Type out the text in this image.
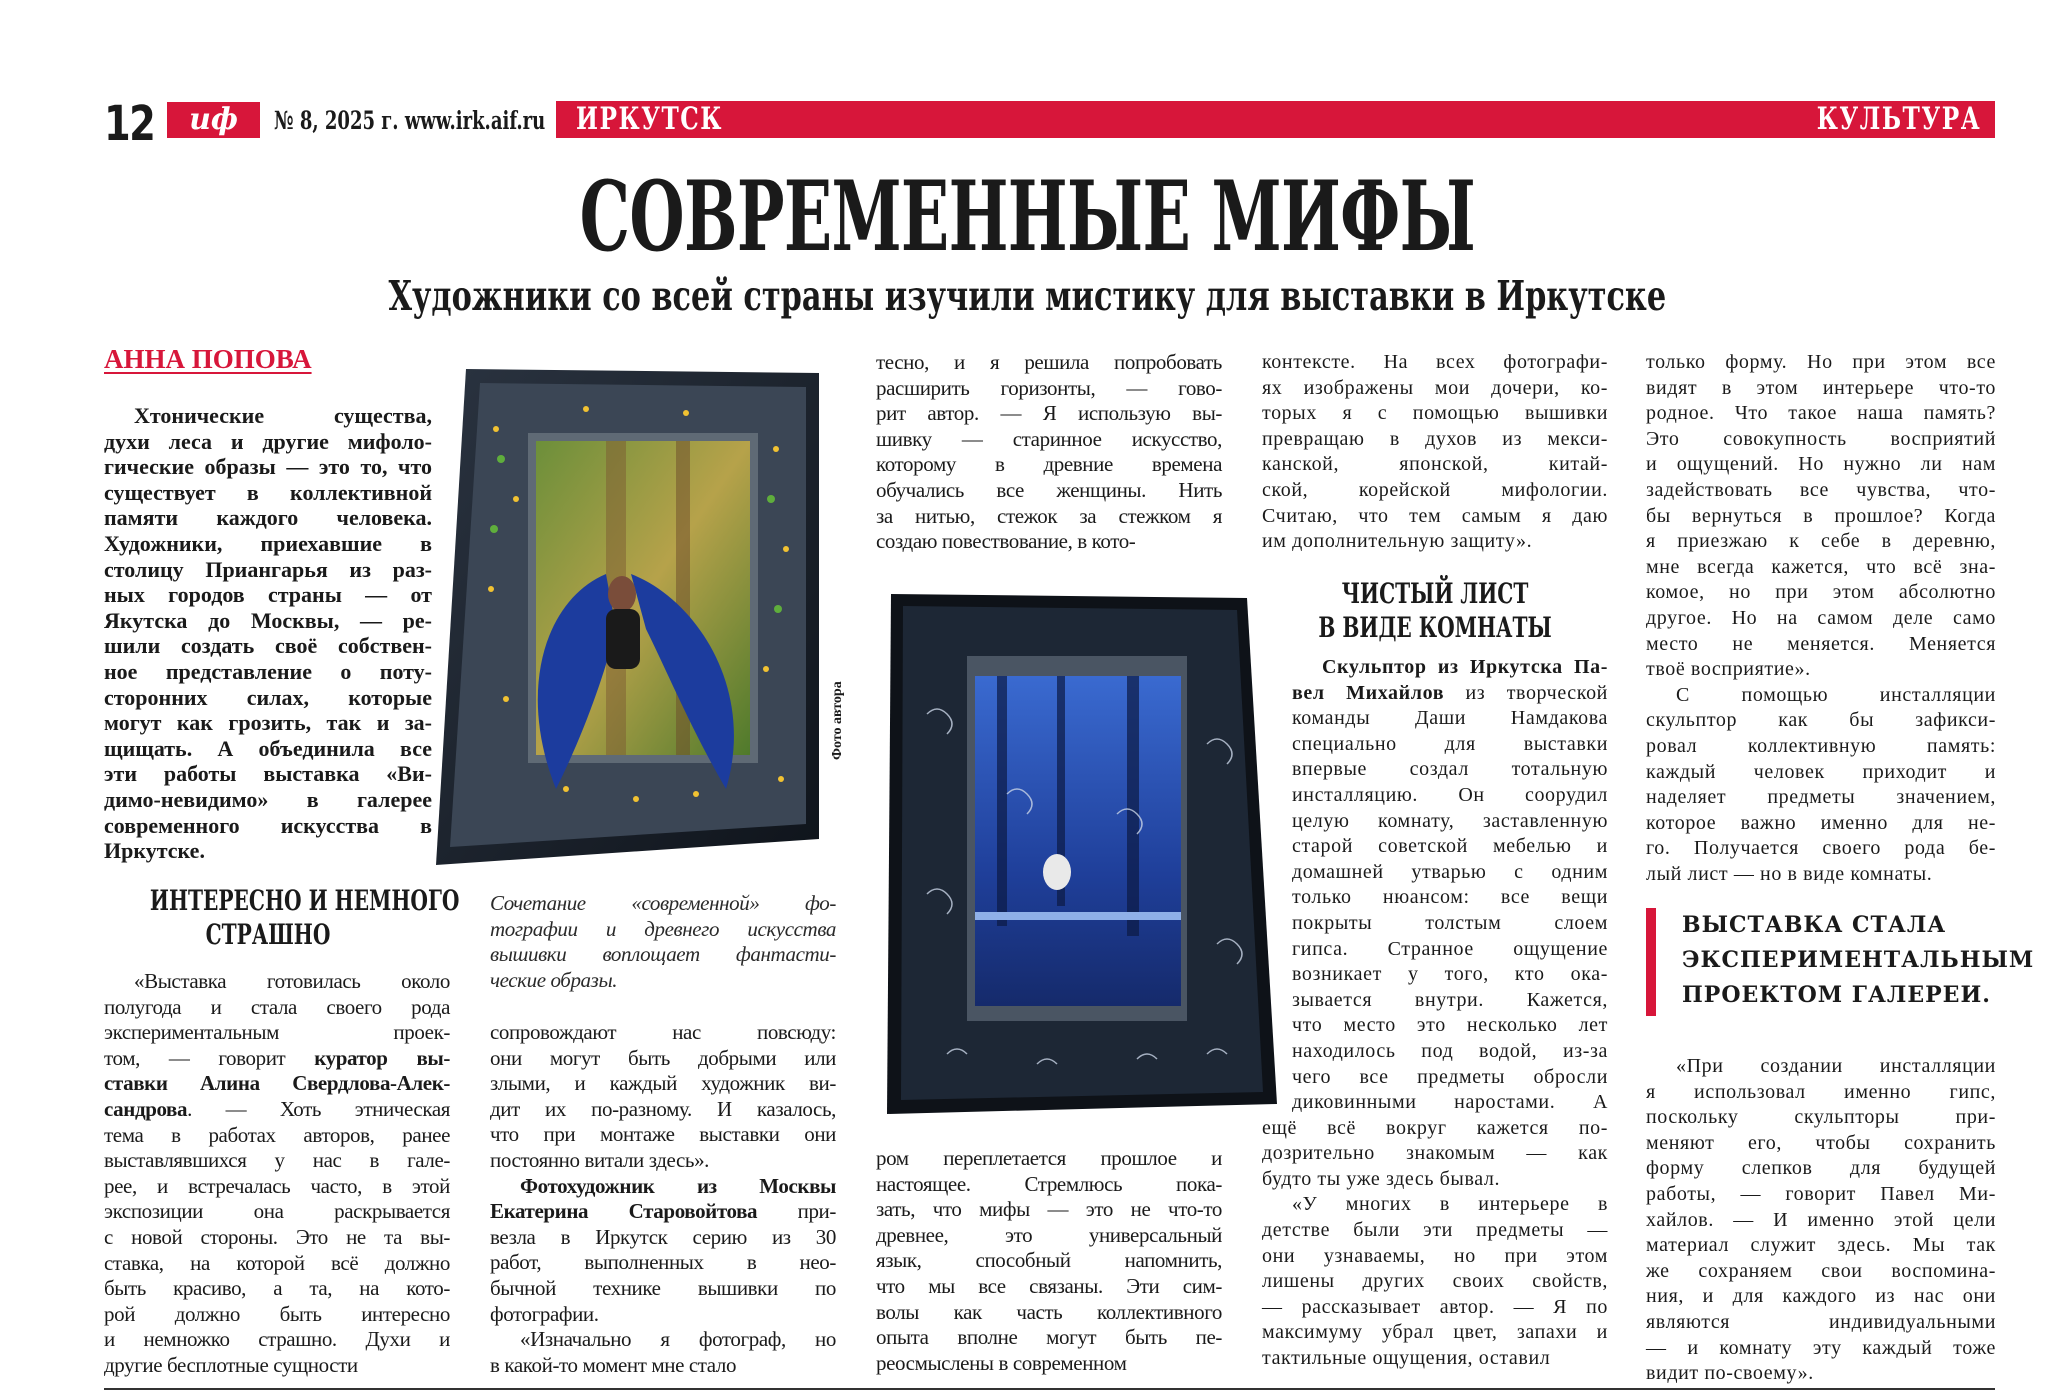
12	иф	№ 8, 2025 г. www.irk.aif.ru ИРКУТСК	КУЛЬТУРА
СОВРЕМЕННЫЕ МИФЫ
Художники со всей страны изучили мистику для выставки в Иркутске
АННА ПОПОВА
Хтонические существа,
духи леса и другие мифоло-
гические образы — это то, что
существует в коллективной
памяти каждого человека.
Художники, приехавшие в
столицу Приангарья из раз-
ных городов страны — от
Якутска до Москвы, — ре-
шили создать своё собствен-
ное представление о поту-
сторонних силах, которые
могут как грозить, так и за-
щищать. А объединила все
эти работы выставка «Ви-
димо-невидимо» в галерее
современного искусства в
Иркутске.
ИНТЕРЕСНО И НЕМНОГО
СТРАШНО
«Выставка готовилась около
полугода и стала своего рода
экспериментальным проек-
том, — говорит куратор вы-
ставки Алина Свердлова-Алек-
сандрова. — Хоть этническая
тема в работах авторов, ранее
выставлявшихся у нас в гале-
рее, и встречалась часто, в этой
экспозиции она раскрывается
с новой стороны. Это не та вы-
ставка, на которой всё должно
быть красиво, а та, на кото-
рой должно быть интересно
и немножко страшно. Духи и
другие бесплотные сущности
Фото автора
Сочетание «современной» фо-
тографии и древнего искусства
вышивки воплощает фантасти-
ческие образы.
сопровождают нас повсюду:
они могут быть добрыми или
злыми, и каждый художник ви-
дит их по-разному. И казалось,
что при монтаже выставки они
постоянно витали здесь».
Фотохудожник из Москвы
Екатерина Старовойтова при-
везла в Иркутск серию из 30
работ, выполненных в нео-
бычной технике вышивки по
фотографии.
«Изначально я фотограф, но
в какой-то момент мне стало
тесно, и я решила попробовать
расширить горизонты, — гово-
рит автор. — Я использую вы-
шивку — старинное искусство,
которому в древние времена
обучались все женщины. Нить
за нитью, стежок за стежком я
создаю повествование, в кото-
ром переплетается прошлое и
настоящее. Стремлюсь пока-
зать, что мифы — это не что-то
древнее, это универсальный
язык, способный напомнить,
что мы все связаны. Эти сим-
волы как часть коллективного
опыта вполне могут быть пе-
реосмыслены в современном
контексте. На всех фотографи-
ях изображены мои дочери, ко-
торых я с помощью вышивки
превращаю в духов из мекси-
канской, японской, китай-
ской, корейской мифологии.
Считаю, что тем самым я даю
им дополнительную защиту».
ЧИСТЫЙ ЛИСТ
В ВИДЕ КОМНАТЫ
Скульптор из Иркутска Па-
вел Михайлов из творческой
команды Даши Намдакова
специально для выставки
впервые создал тотальную
инсталляцию. Он соорудил
целую комнату, заставленную
старой советской мебелью и
домашней утварью с одним
только нюансом: все вещи
покрыты толстым слоем
гипса. Странное ощущение
возникает у того, кто ока-
зывается внутри. Кажется,
что место это несколько лет
находилось под водой, из-за
чего все предметы обросли
диковинными наростами. А
ещё всё вокруг кажется по-
дозрительно знакомым — как
будто ты уже здесь бывал.
«У многих в интерьере в
детстве были эти предметы —
они узнаваемы, но при этом
лишены других своих свойств,
— рассказывает автор. — Я по
максимуму убрал цвет, запахи и
тактильные ощущения, оставил
только форму. Но при этом все
видят в этом интерьере что-то
родное. Что такое наша память?
Это совокупность восприятий
и ощущений. Но нужно ли нам
задействовать все чувства, что-
бы вернуться в прошлое? Когда
я приезжаю к себе в деревню,
мне всегда кажется, что всё зна-
комое, но при этом абсолютно
другое. Но на самом деле само
место не меняется. Меняется
твоё восприятие».
С помощью инсталляции
скульптор как бы зафикси-
ровал коллективную память:
каждый человек приходит и
наделяет предметы значением,
которое важно именно для не-
го. Получается своего рода бе-
лый лист — но в виде комнаты.
ВЫСТАВКА СТАЛА
ЭКСПЕРИМЕНТАЛЬНЫМ
ПРОЕКТОМ ГАЛЕРЕИ.
«При создании инсталляции
я использовал именно гипс,
поскольку скульпторы при-
меняют его, чтобы сохранить
форму слепков для будущей
работы, — говорит Павел Ми-
хайлов. — И именно этой цели
материал служит здесь. Мы так
же сохраняем свои воспомина-
ния, и для каждого из нас они
являются индивидуальными
— и комнату эту каждый тоже
видит по-своему».
